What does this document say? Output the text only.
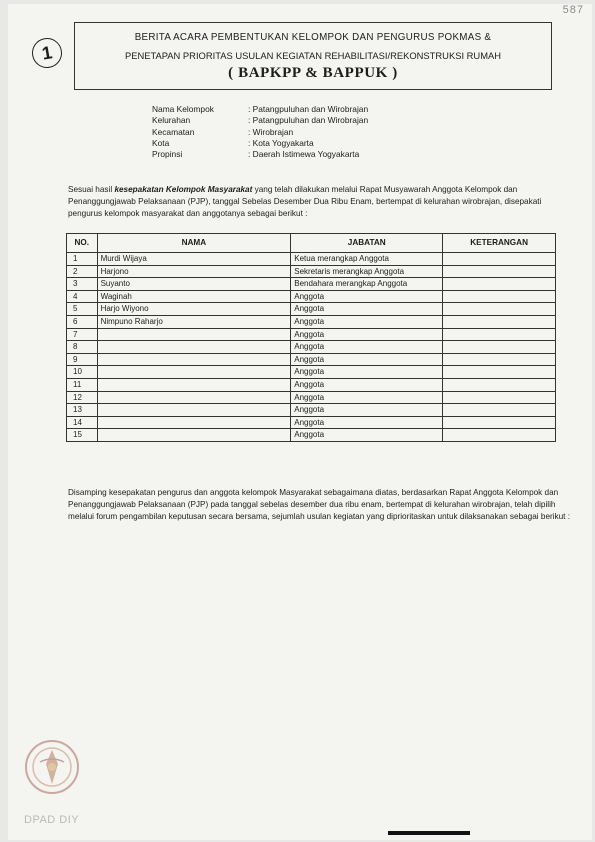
587
1
BERITA ACARA PEMBENTUKAN KELOMPOK DAN PENGURUS POKMAS &
PENETAPAN PRIORITAS USULAN KEGIATAN REHABILITASI/REKONSTRUKSI RUMAH
( BAPKPP & BAPPUK )
Nama Kelompok	: Patangpuluhan dan Wirobrajan
Kelurahan	: Patangpuluhan dan Wirobrajan
Kecamatan	: Wirobrajan
Kota	: Kota Yogyakarta
Propinsi	: Daerah Istimewa Yogyakarta
Sesuai hasil kesepakatan Kelompok Masyarakat yang telah dilakukan melalui Rapat Musyawarah Anggota Kelompok dan Penanggungjawab Pelaksanaan (PJP), tanggal Sebelas Desember Dua Ribu Enam, bertempat di kelurahan wirobrajan, disepakati pengurus kelompok masyarakat dan anggotanya sebagai berikut :
NO.	NAMA	JABATAN	KETERANGAN
1	Murdi Wijaya	Ketua merangkap Anggota	
2	Harjono	Sekretaris merangkap Anggota	
3	Suyanto	Bendahara merangkap Anggota	
4	Waginah	Anggota	
5	Harjo Wiyono	Anggota	
6	Nimpuno Raharjo	Anggota	
7		Anggota	
8		Anggota	
9		Anggota	
10		Anggota	
11		Anggota	
12		Anggota	
13		Anggota	
14		Anggota	
15		Anggota	
Disamping kesepakatan pengurus dan anggota kelompok Masyarakat sebagaimana diatas, berdasarkan Rapat Anggota Kelompok dan Penanggungjawab Pelaksanaan (PJP) pada tanggal sebelas desember dua ribu enam, bertempat di kelurahan wirobrajan, telah dipilih melalui forum pengambilan keputusan secara bersama, sejumlah usulan kegiatan yang diprioritaskan untuk dilaksanakan sebagai berikut :
DPAD DIY
